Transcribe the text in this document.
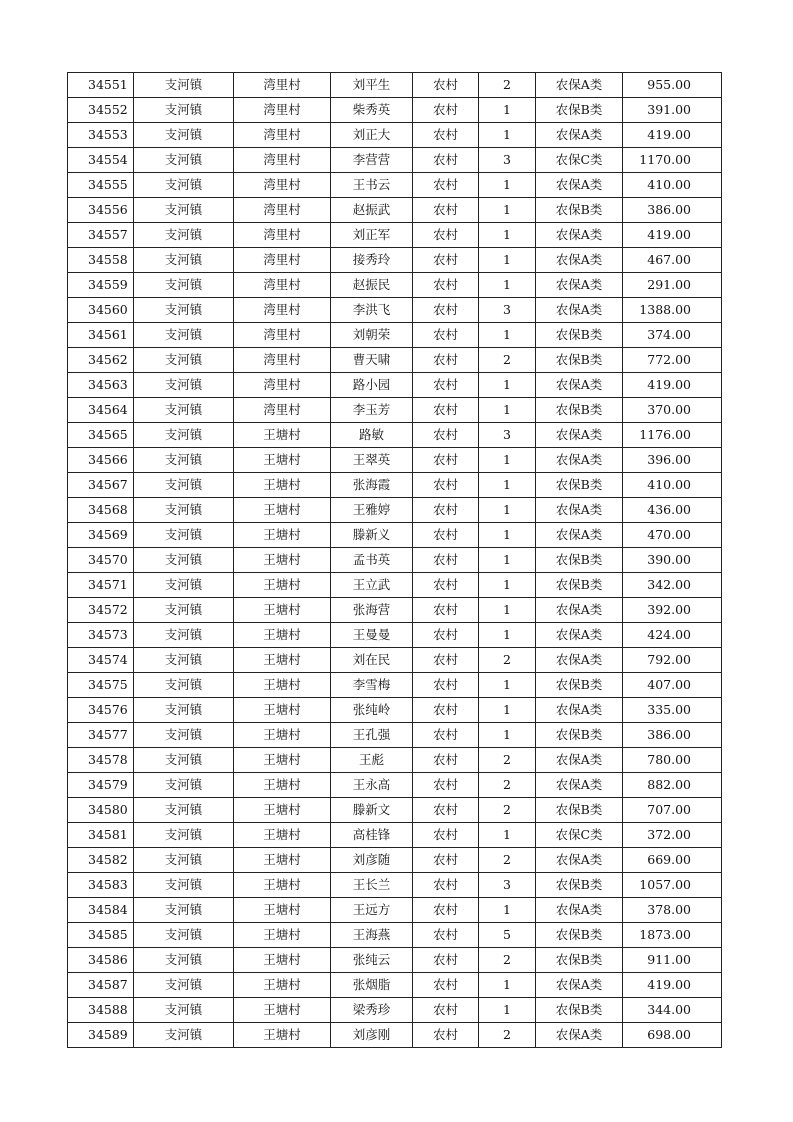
34551	支河镇	湾里村	刘平生	农村	2	农保A类	955.00
34552	支河镇	湾里村	柴秀英	农村	1	农保B类	391.00
34553	支河镇	湾里村	刘正大	农村	1	农保A类	419.00
34554	支河镇	湾里村	李营营	农村	3	农保C类	1170.00
34555	支河镇	湾里村	王书云	农村	1	农保A类	410.00
34556	支河镇	湾里村	赵振武	农村	1	农保B类	386.00
34557	支河镇	湾里村	刘正军	农村	1	农保A类	419.00
34558	支河镇	湾里村	接秀玲	农村	1	农保A类	467.00
34559	支河镇	湾里村	赵振民	农村	1	农保A类	291.00
34560	支河镇	湾里村	李洪飞	农村	3	农保A类	1388.00
34561	支河镇	湾里村	刘朝荣	农村	1	农保B类	374.00
34562	支河镇	湾里村	曹天啸	农村	2	农保B类	772.00
34563	支河镇	湾里村	路小园	农村	1	农保A类	419.00
34564	支河镇	湾里村	李玉芳	农村	1	农保B类	370.00
34565	支河镇	王塘村	路敏	农村	3	农保A类	1176.00
34566	支河镇	王塘村	王翠英	农村	1	农保A类	396.00
34567	支河镇	王塘村	张海霞	农村	1	农保B类	410.00
34568	支河镇	王塘村	王雅婷	农村	1	农保A类	436.00
34569	支河镇	王塘村	滕新义	农村	1	农保A类	470.00
34570	支河镇	王塘村	孟书英	农村	1	农保B类	390.00
34571	支河镇	王塘村	王立武	农村	1	农保B类	342.00
34572	支河镇	王塘村	张海营	农村	1	农保A类	392.00
34573	支河镇	王塘村	王曼曼	农村	1	农保A类	424.00
34574	支河镇	王塘村	刘在民	农村	2	农保A类	792.00
34575	支河镇	王塘村	李雪梅	农村	1	农保B类	407.00
34576	支河镇	王塘村	张纯岭	农村	1	农保A类	335.00
34577	支河镇	王塘村	王孔强	农村	1	农保B类	386.00
34578	支河镇	王塘村	王彪	农村	2	农保A类	780.00
34579	支河镇	王塘村	王永高	农村	2	农保A类	882.00
34580	支河镇	王塘村	滕新文	农村	2	农保B类	707.00
34581	支河镇	王塘村	高桂锋	农村	1	农保C类	372.00
34582	支河镇	王塘村	刘彦随	农村	2	农保A类	669.00
34583	支河镇	王塘村	王长兰	农村	3	农保B类	1057.00
34584	支河镇	王塘村	王远方	农村	1	农保A类	378.00
34585	支河镇	王塘村	王海燕	农村	5	农保B类	1873.00
34586	支河镇	王塘村	张纯云	农村	2	农保B类	911.00
34587	支河镇	王塘村	张烟脂	农村	1	农保A类	419.00
34588	支河镇	王塘村	梁秀珍	农村	1	农保B类	344.00
34589	支河镇	王塘村	刘彦刚	农村	2	农保A类	698.00
